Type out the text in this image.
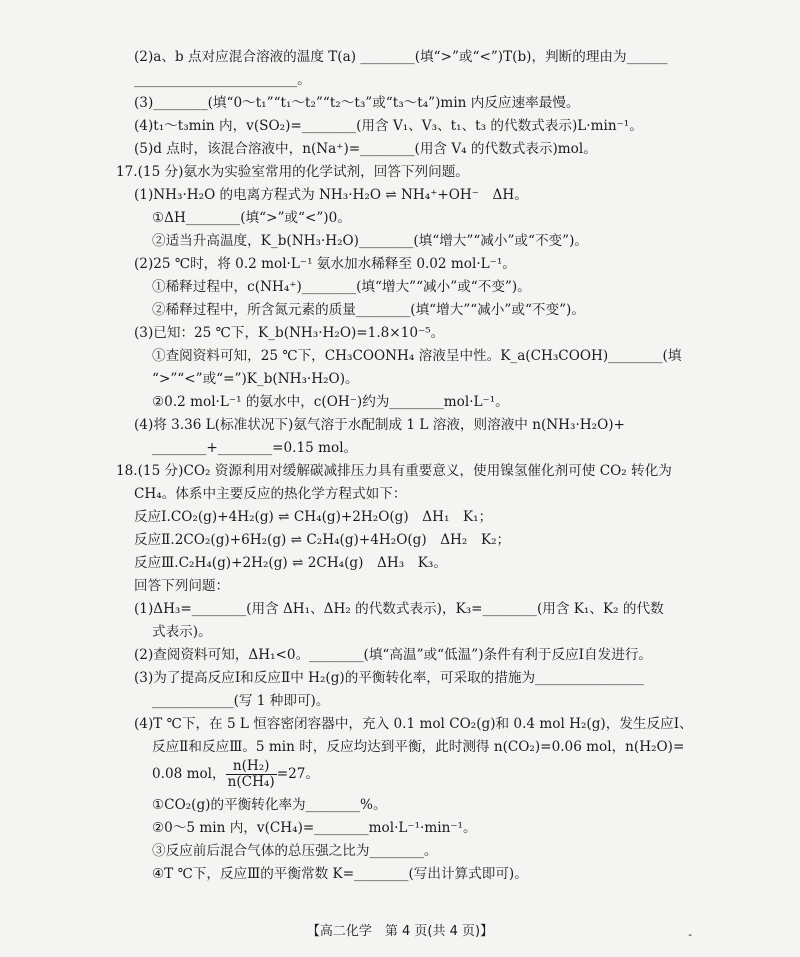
(2)a、b 点对应混合溶液的温度 T(a) ________(填“>”或“<”)T(b)，判断的理由为______
________________________。
(3)________(填“0～t₁”“t₁～t₂”“t₂～t₃”或“t₃～t₄”)min 内反应速率最慢。
(4)t₁～t₃min 内，v(SO₂)=________(用含 V₁、V₃、t₁、t₃ 的代数式表示)L·min⁻¹。
(5)d 点时，该混合溶液中，n(Na⁺)=________(用含 V₄ 的代数式表示)mol。
17.(15 分)氨水为实验室常用的化学试剂，回答下列问题。
(1)NH₃·H₂O 的电离方程式为 NH₃·H₂O ⇌ NH₄⁺+OH⁻　ΔH。
①ΔH________(填“>”或“<”)0。
②适当升高温度，K_b(NH₃·H₂O)________(填“增大”“减小”或“不变”)。
(2)25 ℃时，将 0.2 mol·L⁻¹ 氨水加水稀释至 0.02 mol·L⁻¹。
①稀释过程中，c(NH₄⁺)________(填“增大”“减小”或“不变”)。
②稀释过程中，所含氮元素的质量________(填“增大”“减小”或“不变”)。
(3)已知：25 ℃下，K_b(NH₃·H₂O)=1.8×10⁻⁵。
①查阅资料可知，25 ℃下，CH₃COONH₄ 溶液呈中性。K_a(CH₃COOH)________(填
“>”“<”或“=”)K_b(NH₃·H₂O)。
②0.2 mol·L⁻¹ 的氨水中，c(OH⁻)约为________mol·L⁻¹。
(4)将 3.36 L(标准状况下)氨气溶于水配制成 1 L 溶液，则溶液中 n(NH₃·H₂O)+
________+________=0.15 mol。
18.(15 分)CO₂ 资源利用对缓解碳减排压力具有重要意义，使用镍氢催化剂可使 CO₂ 转化为
CH₄。体系中主要反应的热化学方程式如下：
反应Ⅰ.CO₂(g)+4H₂(g) ⇌ CH₄(g)+2H₂O(g)　ΔH₁　K₁；
反应Ⅱ.2CO₂(g)+6H₂(g) ⇌ C₂H₄(g)+4H₂O(g)　ΔH₂　K₂；
反应Ⅲ.C₂H₄(g)+2H₂(g) ⇌ 2CH₄(g)　ΔH₃　K₃。
回答下列问题：
(1)ΔH₃=________(用含 ΔH₁、ΔH₂ 的代数式表示)，K₃=________(用含 K₁、K₂ 的代数
式表示)。
(2)查阅资料可知，ΔH₁<0。________(填“高温”或“低温”)条件有利于反应Ⅰ自发进行。
(3)为了提高反应Ⅰ和反应Ⅱ中 H₂(g)的平衡转化率，可采取的措施为________________
____________(写 1 种即可)。
(4)T ℃下，在 5 L 恒容密闭容器中，充入 0.1 mol CO₂(g)和 0.4 mol H₂(g)，发生反应Ⅰ、
反应Ⅱ和反应Ⅲ。5 min 时，反应均达到平衡，此时测得 n(CO₂)=0.06 mol，n(H₂O)=
0.08 mol， $\frac{\text{n(H₂)}}{\text{n(CH₄)}} =27$。
①CO₂(g)的平衡转化率为________%。
②0～5 min 内，v(CH₄)=________mol·L⁻¹·min⁻¹。
③反应前后混合气体的总压强之比为________。
④T ℃下，反应Ⅲ的平衡常数 K=________(写出计算式即可)。
【高二化学　第 4 页(共 4 页)】	-
